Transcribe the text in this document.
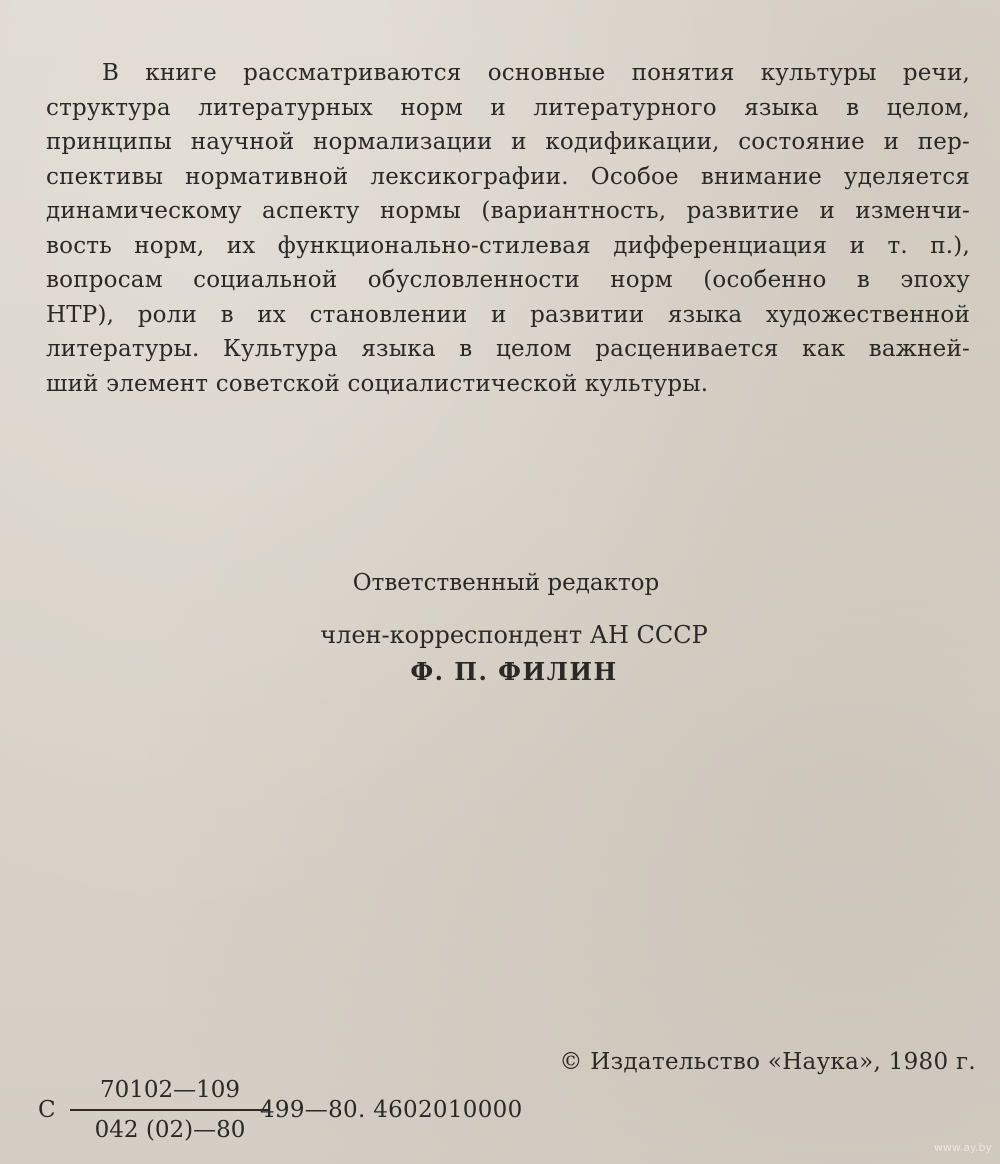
В книге рассматриваются основные понятия культуры речи,
структура литературных норм и литературного языка в целом,
принципы научной нормализации и кодификации, состояние и пер-
спективы нормативной лексикографии. Особое внимание уделяется
динамическому аспекту нормы (вариантность, развитие и изменчи-
вость норм, их функционально-стилевая дифференциация и т. п.),
вопросам социальной обусловленности норм (особенно в эпоху
НТР), роли в их становлении и развитии языка художественной
литературы. Культура языка в целом расценивается как важней-
ший элемент советской социалистической культуры.
Ответственный редактор
член-корреспондент АН СССР
Ф. П. ФИЛИН
© Издательство «Наука», 1980 г.
С
70102—109
042 (02)—80
499—80. 4602010000
www.ay.by
